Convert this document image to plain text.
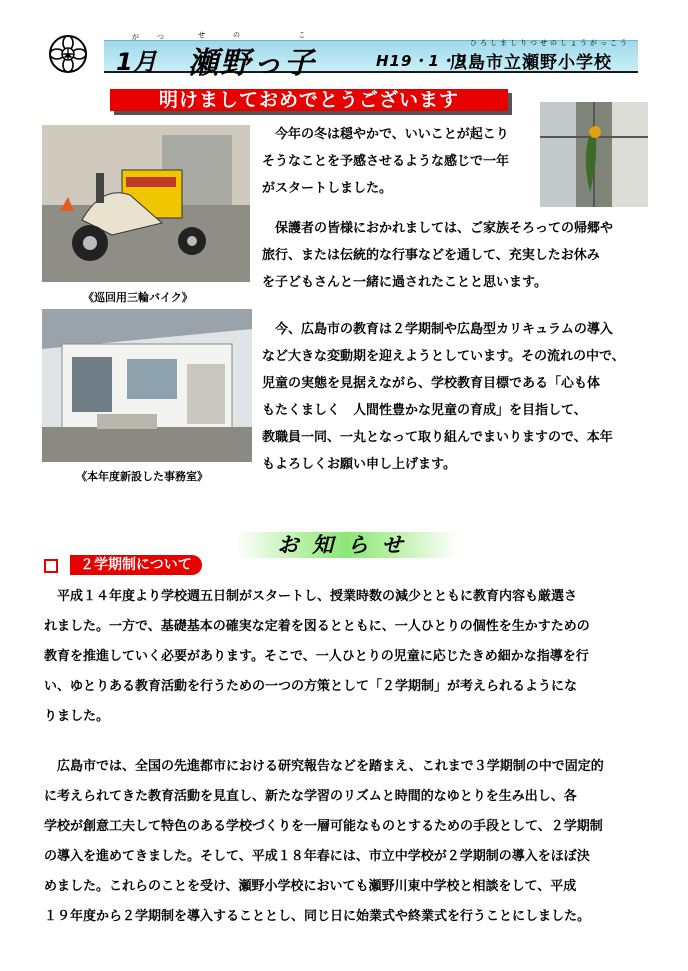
がつ
1月
せの こ
瀬野っ子	H19・1・9
ひろしましりつせのしょうがっこう
広島市立瀬野小学校
明けましておめでとうございます
《巡回用三輪バイク》
《本年度新設した事務室》
　今年の冬は穏やかで、いいことが起こり
そうなことを予感させるような感じで一年
がスタートしました。
　保護者の皆様におかれましては、ご家族そろっての帰郷や
旅行、または伝統的な行事などを通して、充実したお休み
を子どもさんと一緒に過されたことと思います。
　今、広島市の教育は２学期制や広島型カリキュラムの導入
など大きな変動期を迎えようとしています。その流れの中で、
児童の実態を見据えながら、学校教育目標である「心も体
もたくましく　人間性豊かな児童の育成」を目指して、
教職員一同、一丸となって取り組んでまいりますので、本年
もよろしくお願い申し上げます。
お知らせ
２学期制について
　平成１４年度より学校週五日制がスタートし、授業時数の減少とともに教育内容も厳選さ
れました。一方で、基礎基本の確実な定着を図るとともに、一人ひとりの個性を生かすための
教育を推進していく必要があります。そこで、一人ひとりの児童に応じたきめ細かな指導を行
い、ゆとりある教育活動を行うための一つの方策として「２学期制」が考えられるようにな
りました。
　広島市では、全国の先進都市における研究報告などを踏まえ、これまで３学期制の中で固定的
に考えられてきた教育活動を見直し、新たな学習のリズムと時間的なゆとりを生み出し、各
学校が創意工夫して特色のある学校づくりを一層可能なものとするための手段として、２学期制
の導入を進めてきました。そして、平成１８年春には、市立中学校が２学期制の導入をほぼ決
めました。これらのことを受け、瀬野小学校においても瀬野川東中学校と相談をして、平成
１９年度から２学期制を導入することとし、同じ日に始業式や終業式を行うことにしました。
